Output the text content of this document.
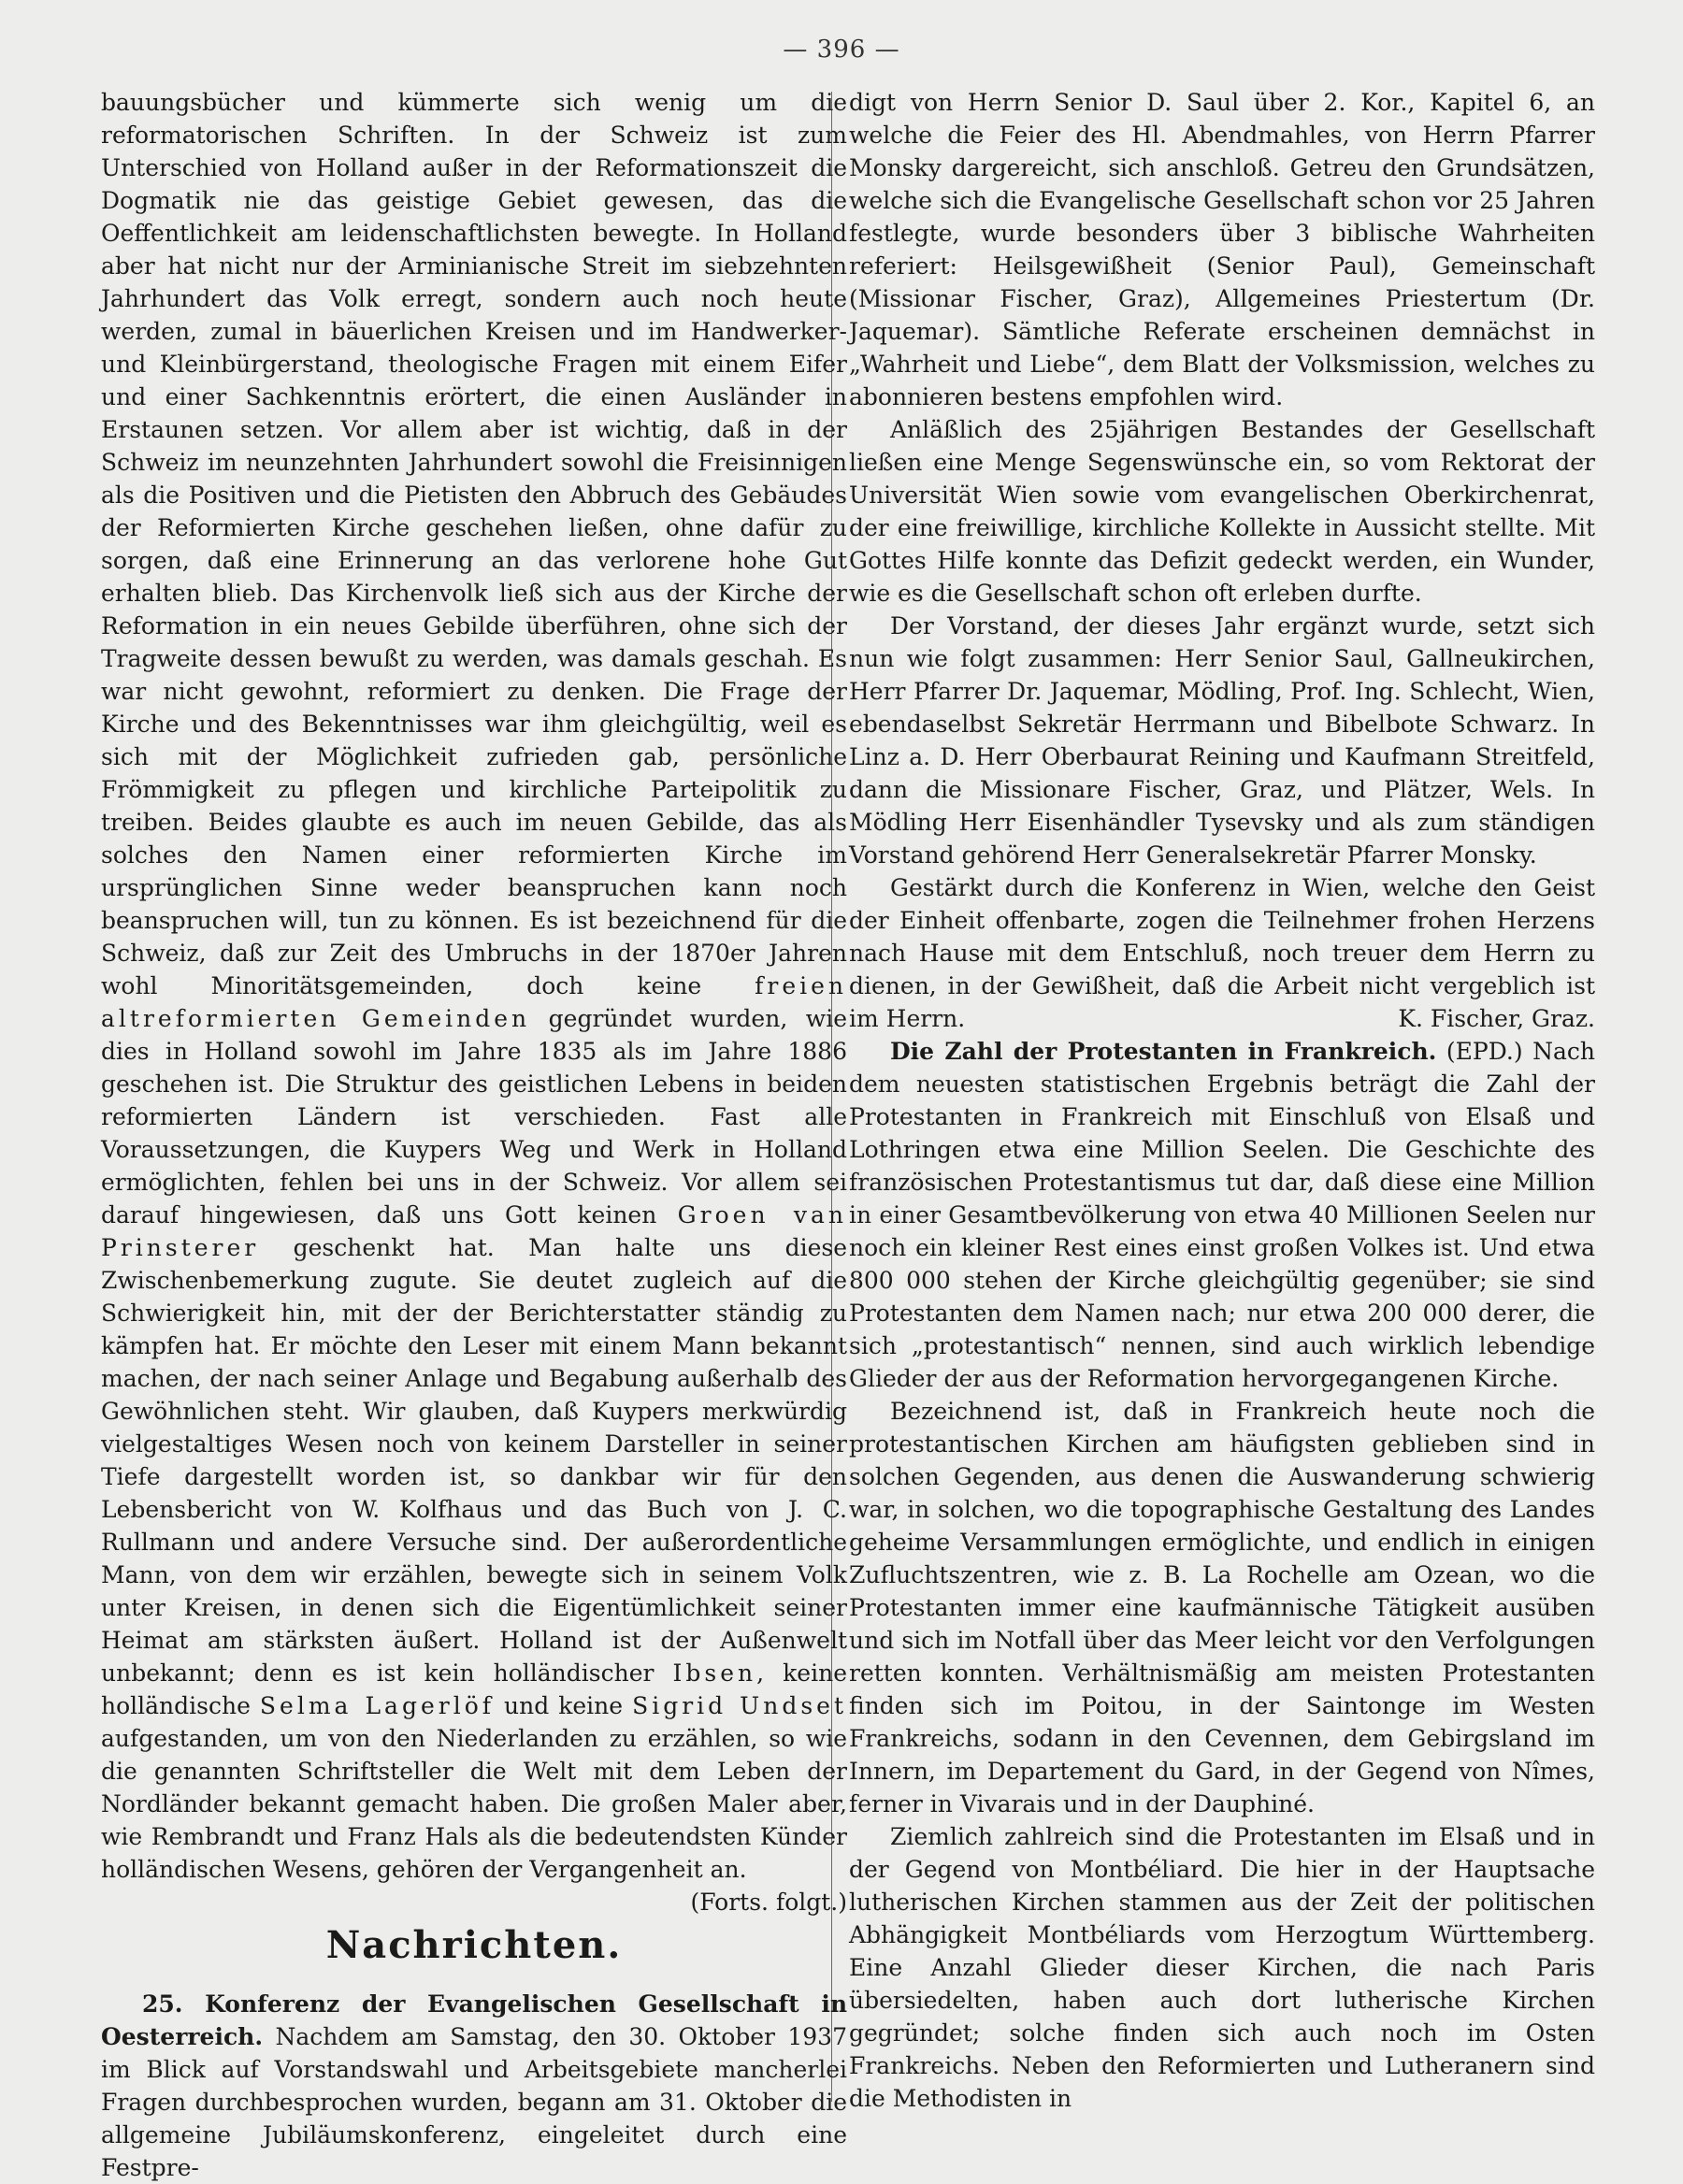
— 396 —

bauungsbücher und kümmerte sich wenig um die reformatorischen Schriften. In der Schweiz ist zum Unterschied von Holland außer in der Reformationszeit die Dogmatik nie das geistige Gebiet gewesen, das die Oeffentlichkeit am leidenschaftlichsten bewegte. In Holland aber hat nicht nur der Arminianische Streit im siebzehnten Jahrhundert das Volk erregt, sondern auch noch heute werden, zumal in bäuerlichen Kreisen und im Handwerker- und Kleinbürgerstand, theologische Fragen mit einem Eifer und einer Sachkenntnis erörtert, die einen Ausländer in Erstaunen setzen. Vor allem aber ist wichtig, daß in der Schweiz im neunzehnten Jahrhundert sowohl die Freisinnigen als die Positiven und die Pietisten den Abbruch des Gebäudes der Reformierten Kirche geschehen ließen, ohne dafür zu sorgen, daß eine Erinnerung an das verlorene hohe Gut erhalten blieb. Das Kirchenvolk ließ sich aus der Kirche der Reformation in ein neues Gebilde überführen, ohne sich der Tragweite dessen bewußt zu werden, was damals geschah. Es war nicht gewohnt, reformiert zu denken. Die Frage der Kirche und des Bekenntnisses war ihm gleichgültig, weil es sich mit der Möglichkeit zufrieden gab, persönliche Frömmigkeit zu pflegen und kirchliche Parteipolitik zu treiben. Beides glaubte es auch im neuen Gebilde, das als solches den Namen einer reformierten Kirche im ursprünglichen Sinne weder beanspruchen kann noch beanspruchen will, tun zu können. Es ist bezeichnend für die Schweiz, daß zur Zeit des Umbruchs in der 1870er Jahren wohl Minoritätsgemeinden, doch keine freien altreformierten Gemeinden gegründet wurden, wie dies in Holland sowohl im Jahre 1835 als im Jahre 1886 geschehen ist. Die Struktur des geistlichen Lebens in beiden reformierten Ländern ist verschieden. Fast alle Voraussetzungen, die Kuypers Weg und Werk in Holland ermöglichten, fehlen bei uns in der Schweiz. Vor allem sei darauf hingewiesen, daß uns Gott keinen Groen van Prinsterer geschenkt hat. Man halte uns diese Zwischenbemerkung zugute. Sie deutet zugleich auf die Schwierigkeit hin, mit der der Berichterstatter ständig zu kämpfen hat. Er möchte den Leser mit einem Mann bekannt machen, der nach seiner Anlage und Begabung außerhalb des Gewöhnlichen steht. Wir glauben, daß Kuypers merkwürdig vielgestaltiges Wesen noch von keinem Darsteller in seiner Tiefe dargestellt worden ist, so dankbar wir für den Lebensbericht von W. Kolfhaus und das Buch von J. C. Rullmann und andere Versuche sind. Der außerordentliche Mann, von dem wir erzählen, bewegte sich in seinem Volk unter Kreisen, in denen sich die Eigentümlichkeit seiner Heimat am stärksten äußert. Holland ist der Außenwelt unbekannt; denn es ist kein holländischer Ibsen, keine holländische Selma Lagerlöf und keine Sigrid Undset aufgestanden, um von den Niederlanden zu erzählen, so wie die genannten Schriftsteller die Welt mit dem Leben der Nordländer bekannt gemacht haben. Die großen Maler aber, wie Rembrandt und Franz Hals als die bedeutendsten Künder holländischen Wesens, gehören der Vergangenheit an.
(Forts. folgt.)

Nachrichten.

25. Konferenz der Evangelischen Gesellschaft in Oesterreich. Nachdem am Samstag, den 30. Oktober 1937 im Blick auf Vorstandswahl und Arbeitsgebiete mancherlei Fragen durchbesprochen wurden, begann am 31. Oktober die allgemeine Jubiläumskonferenz, eingeleitet durch eine Festpre-

digt von Herrn Senior D. Saul über 2. Kor., Kapitel 6, an welche die Feier des Hl. Abendmahles, von Herrn Pfarrer Monsky dargereicht, sich anschloß. Getreu den Grundsätzen, welche sich die Evangelische Gesellschaft schon vor 25 Jahren festlegte, wurde besonders über 3 biblische Wahrheiten referiert: Heilsgewißheit (Senior Paul), Gemeinschaft (Missionar Fischer, Graz), Allgemeines Priestertum (Dr. Jaquemar). Sämtliche Referate erscheinen demnächst in „Wahrheit und Liebe“, dem Blatt der Volksmission, welches zu abonnieren bestens empfohlen wird.

Anläßlich des 25jährigen Bestandes der Gesellschaft ließen eine Menge Segenswünsche ein, so vom Rektorat der Universität Wien sowie vom evangelischen Oberkirchenrat, der eine freiwillige, kirchliche Kollekte in Aussicht stellte. Mit Gottes Hilfe konnte das Defizit gedeckt werden, ein Wunder, wie es die Gesellschaft schon oft erleben durfte.

Der Vorstand, der dieses Jahr ergänzt wurde, setzt sich nun wie folgt zusammen: Herr Senior Saul, Gallneukirchen, Herr Pfarrer Dr. Jaquemar, Mödling, Prof. Ing. Schlecht, Wien, ebendaselbst Sekretär Herrmann und Bibelbote Schwarz. In Linz a. D. Herr Oberbaurat Reining und Kaufmann Streitfeld, dann die Missionare Fischer, Graz, und Plätzer, Wels. In Mödling Herr Eisenhändler Tysevsky und als zum ständigen Vorstand gehörend Herr Generalsekretär Pfarrer Monsky.

Gestärkt durch die Konferenz in Wien, welche den Geist der Einheit offenbarte, zogen die Teilnehmer frohen Herzens nach Hause mit dem Entschluß, noch treuer dem Herrn zu dienen, in der Gewißheit, daß die Arbeit nicht vergeblich ist im Herrn.	K. Fischer, Graz.

Die Zahl der Protestanten in Frankreich. (EPD.) Nach dem neuesten statistischen Ergebnis beträgt die Zahl der Protestanten in Frankreich mit Einschluß von Elsaß und Lothringen etwa eine Million Seelen. Die Geschichte des französischen Protestantismus tut dar, daß diese eine Million in einer Gesamtbevölkerung von etwa 40 Millionen Seelen nur noch ein kleiner Rest eines einst großen Volkes ist. Und etwa 800 000 stehen der Kirche gleichgültig gegenüber; sie sind Protestanten dem Namen nach; nur etwa 200 000 derer, die sich „protestantisch“ nennen, sind auch wirklich lebendige Glieder der aus der Reformation hervorgegangenen Kirche.

Bezeichnend ist, daß in Frankreich heute noch die protestantischen Kirchen am häufigsten geblieben sind in solchen Gegenden, aus denen die Auswanderung schwierig war, in solchen, wo die topographische Gestaltung des Landes geheime Versammlungen ermöglichte, und endlich in einigen Zufluchtszentren, wie z. B. La Rochelle am Ozean, wo die Protestanten immer eine kaufmännische Tätigkeit ausüben und sich im Notfall über das Meer leicht vor den Verfolgungen retten konnten. Verhältnismäßig am meisten Protestanten finden sich im Poitou, in der Saintonge im Westen Frankreichs, sodann in den Cevennen, dem Gebirgsland im Innern, im Departement du Gard, in der Gegend von Nîmes, ferner in Vivarais und in der Dauphiné.

Ziemlich zahlreich sind die Protestanten im Elsaß und in der Gegend von Montbéliard. Die hier in der Hauptsache lutherischen Kirchen stammen aus der Zeit der politischen Abhängigkeit Montbéliards vom Herzogtum Württemberg. Eine Anzahl Glieder dieser Kirchen, die nach Paris übersiedelten, haben auch dort lutherische Kirchen gegründet; solche finden sich auch noch im Osten Frankreichs. Neben den Reformierten und Lutheranern sind die Methodisten in
